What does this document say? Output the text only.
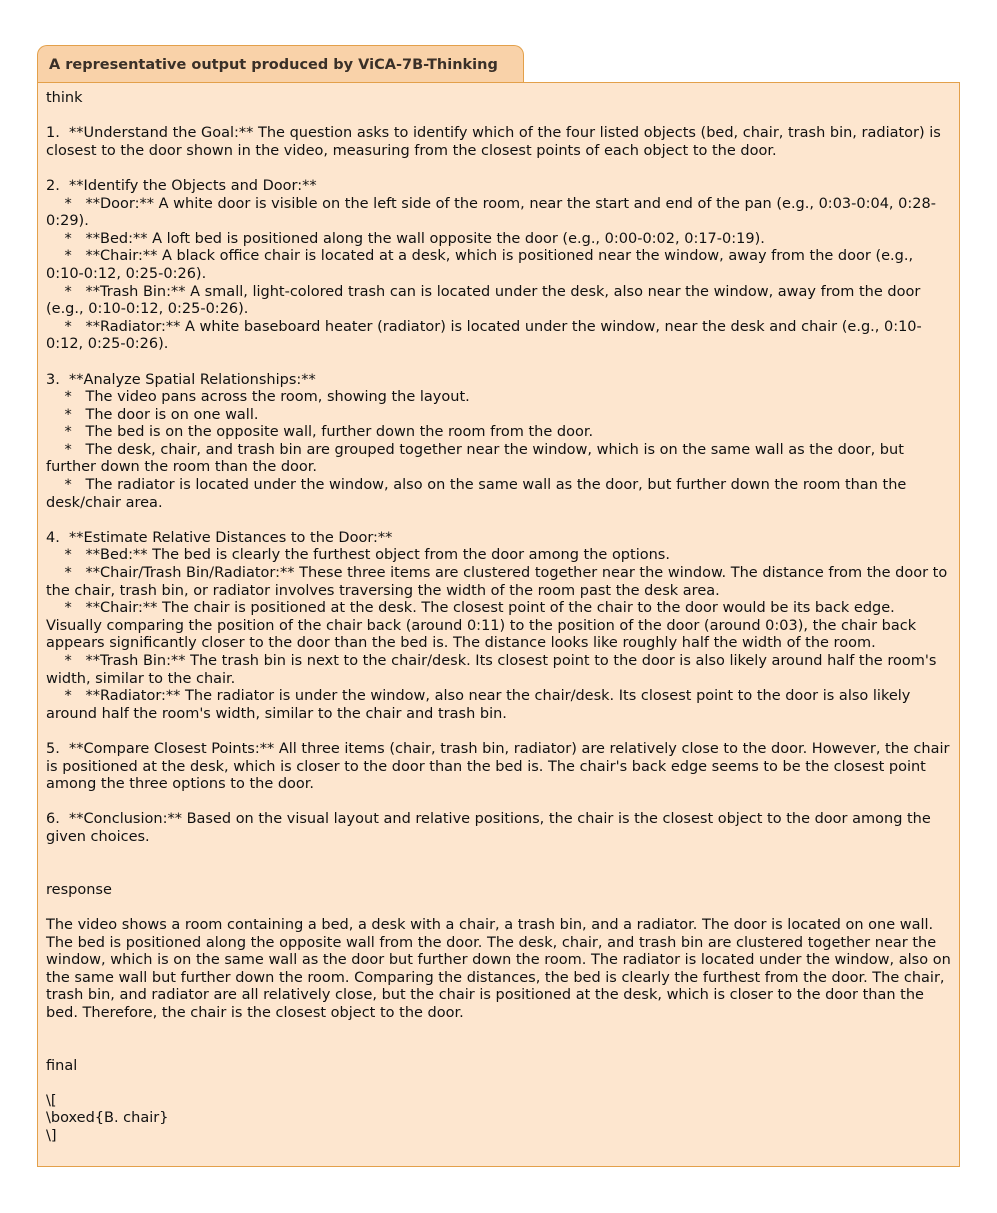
A representative output produced by ViCA-7B-Thinking
think
1.  **Understand the Goal:** The question asks to identify which of the four listed objects (bed, chair, trash bin, radiator) is closest to the door shown in the video, measuring from the closest points of each object to the door.
2.  **Identify the Objects and Door:**
*   **Door:** A white door is visible on the left side of the room, near the start and end of the pan (e.g., 0:03-0:04, 0:28-0:29).
*   **Bed:** A loft bed is positioned along the wall opposite the door (e.g., 0:00-0:02, 0:17-0:19).
*   **Chair:** A black office chair is located at a desk, which is positioned near the window, away from the door (e.g., 0:10-0:12, 0:25-0:26).
*   **Trash Bin:** A small, light-colored trash can is located under the desk, also near the window, away from the door (e.g., 0:10-0:12, 0:25-0:26).
*   **Radiator:** A white baseboard heater (radiator) is located under the window, near the desk and chair (e.g., 0:10-0:12, 0:25-0:26).
3.  **Analyze Spatial Relationships:**
*   The video pans across the room, showing the layout.
*   The door is on one wall.
*   The bed is on the opposite wall, further down the room from the door.
*   The desk, chair, and trash bin are grouped together near the window, which is on the same wall as the door, but further down the room than the door.
*   The radiator is located under the window, also on the same wall as the door, but further down the room than the desk/chair area.
4.  **Estimate Relative Distances to the Door:**
*   **Bed:** The bed is clearly the furthest object from the door among the options.
*   **Chair/Trash Bin/Radiator:** These three items are clustered together near the window. The distance from the door to the chair, trash bin, or radiator involves traversing the width of the room past the desk area.
*   **Chair:** The chair is positioned at the desk. The closest point of the chair to the door would be its back edge. Visually comparing the position of the chair back (around 0:11) to the position of the door (around 0:03), the chair back appears significantly closer to the door than the bed is. The distance looks like roughly half the width of the room.
*   **Trash Bin:** The trash bin is next to the chair/desk. Its closest point to the door is also likely around half the room's width, similar to the chair.
*   **Radiator:** The radiator is under the window, also near the chair/desk. Its closest point to the door is also likely around half the room's width, similar to the chair and trash bin.
5.  **Compare Closest Points:** All three items (chair, trash bin, radiator) are relatively close to the door. However, the chair is positioned at the desk, which is closer to the door than the bed is. The chair's back edge seems to be the closest point among the three options to the door.
6.  **Conclusion:** Based on the visual layout and relative positions, the chair is the closest object to the door among the given choices.
response
The video shows a room containing a bed, a desk with a chair, a trash bin, and a radiator. The door is located on one wall. The bed is positioned along the opposite wall from the door. The desk, chair, and trash bin are clustered together near the window, which is on the same wall as the door but further down the room. The radiator is located under the window, also on the same wall but further down the room. Comparing the distances, the bed is clearly the furthest from the door. The chair, trash bin, and radiator are all relatively close, but the chair is positioned at the desk, which is closer to the door than the bed. Therefore, the chair is the closest object to the door.
final
\[
\boxed{B. chair}
\]
